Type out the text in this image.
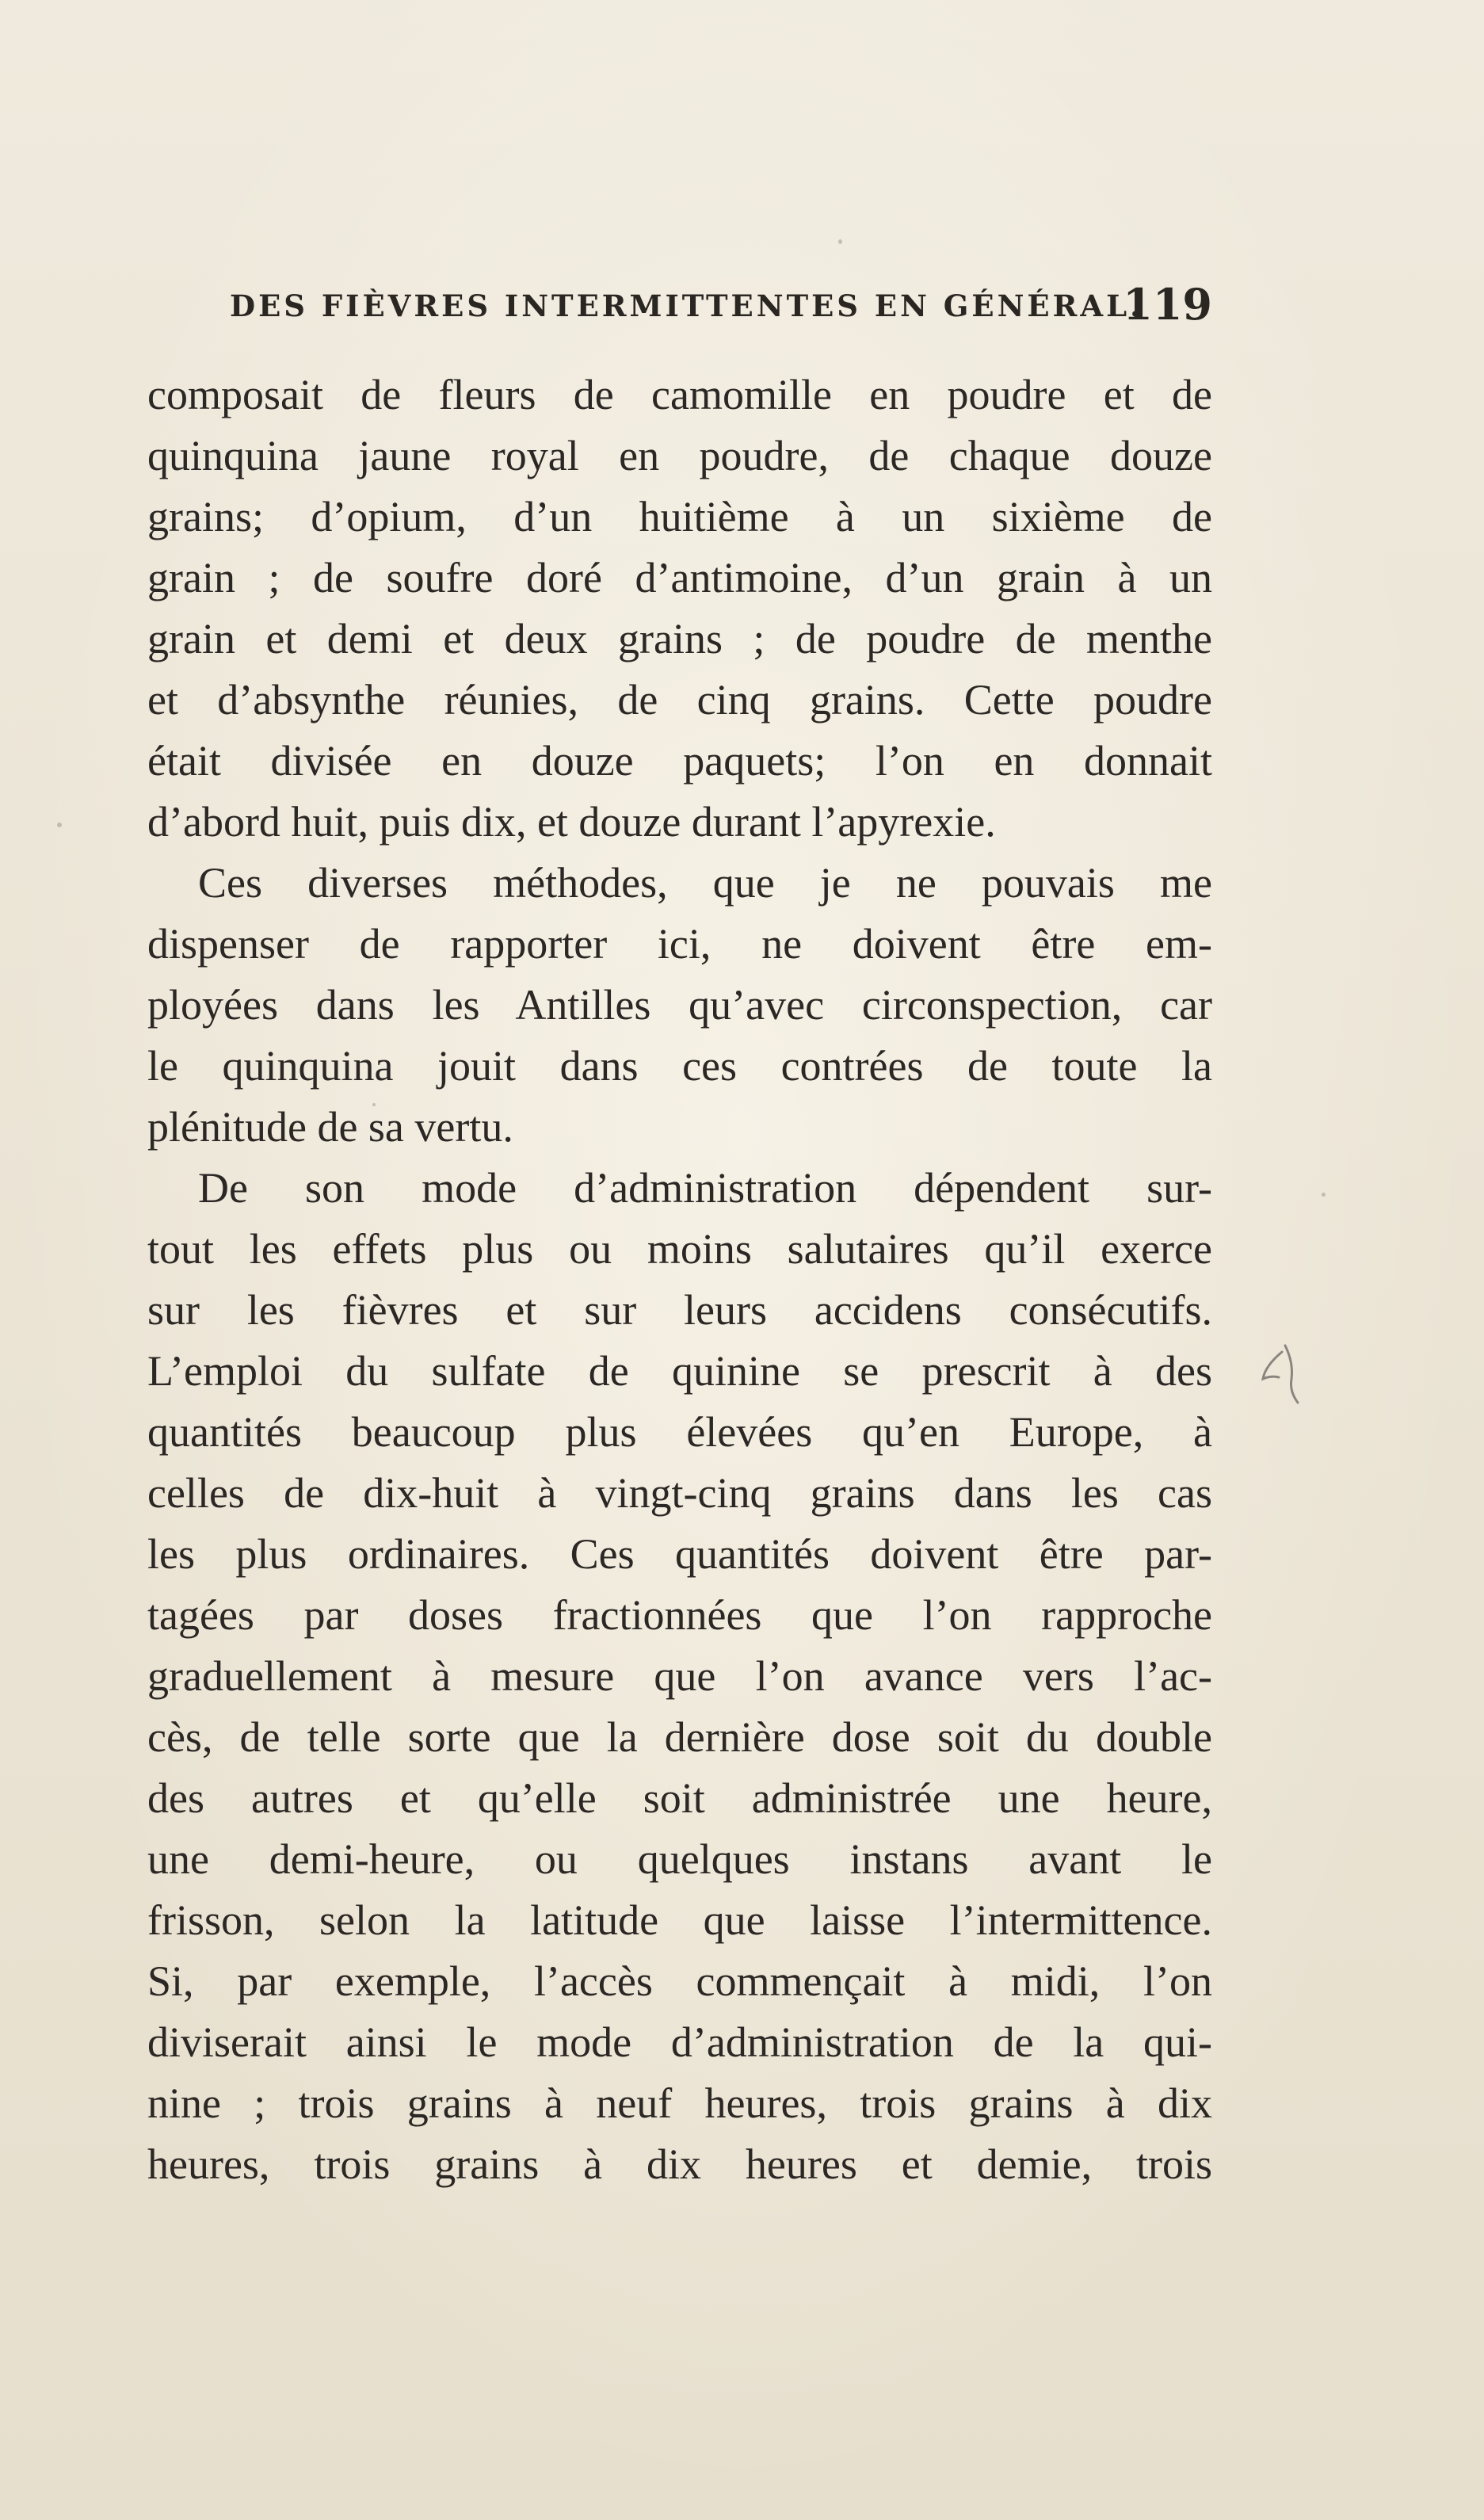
DES FIÈVRES INTERMITTENTES EN GÉNÉRAL.
119
composait de fleurs de camomille en poudre et de
quinquina jaune royal en poudre, de chaque douze
grains; d’opium, d’un huitième à un sixième de
grain ; de soufre doré d’antimoine, d’un grain à un
grain et demi et deux grains ; de poudre de menthe
et d’absynthe réunies, de cinq grains. Cette poudre
était divisée en douze paquets; l’on en donnait
d’abord huit, puis dix, et douze durant l’apyrexie.
Ces diverses méthodes, que je ne pouvais me
dispenser de rapporter ici, ne doivent être em-
ployées dans les Antilles qu’avec circonspection, car
le quinquina jouit dans ces contrées de toute la
plénitude de sa vertu.
De son mode d’administration dépendent sur-
tout les effets plus ou moins salutaires qu’il exerce
sur les fièvres et sur leurs accidens consécutifs.
L’emploi du sulfate de quinine se prescrit à des
quantités beaucoup plus élevées qu’en Europe, à
celles de dix-huit à vingt-cinq grains dans les cas
les plus ordinaires. Ces quantités doivent être par-
tagées par doses fractionnées que l’on rapproche
graduellement à mesure que l’on avance vers l’ac-
cès, de telle sorte que la dernière dose soit du double
des autres et qu’elle soit administrée une heure,
une demi-heure, ou quelques instans avant le
frisson, selon la latitude que laisse l’intermittence.
Si, par exemple, l’accès commençait à midi, l’on
diviserait ainsi le mode d’administration de la qui-
nine ; trois grains à neuf heures, trois grains à dix
heures, trois grains à dix heures et demie, trois
